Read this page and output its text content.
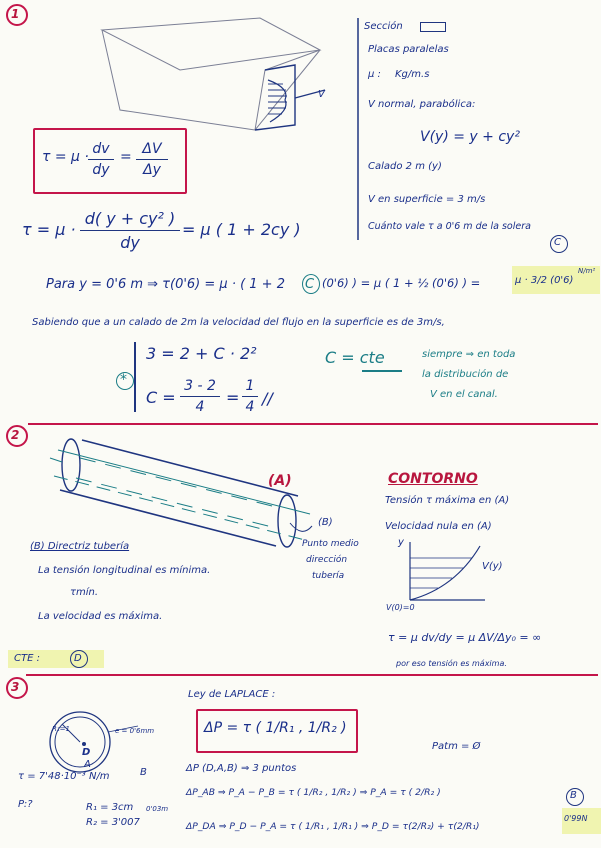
1
V
Sección
Placas paralelas
μ : Kg/m.s
V normal, parabólica:
V(y) = y + cy²
Calado 2 m (y)
V en superficie = 3 m/s
Cuánto vale τ a 0'6 m de la solera
τ = μ · dv
dy
= ΔV
Δy
τ = μ ·
d( y + cy² )
dy
= μ ( 1 + 2cy )
C
Para y = 0'6 m ⇒ τ(0'6) = μ · ( 1 + 2 C (0'6) ) = μ ( 1 + ½ (0'6) ) =	μ · 3/2 (0'6)
N/m²
Sabiendo que a un calado de 2m la velocidad del flujo en la superficie es de 3m/s,
*
3 = 2 + C · 2²
C =
3 - 2
4	=
1
4 //
C = cte	siempre ⇒ en toda
la distribución de
V en el canal.
2
(A)
(B)
Punto medio
dirección
tubería
(B) Directriz tubería
La tensión longitudinal es mínima.
τmín.
La velocidad es máxima.
CONTORNO
Tensión τ máxima en (A)
Velocidad nula en (A)
y
V(y)
V(0)=0
τ = μ dv/dy = μ ΔV/Δy₀ = ∞
por eso tensión es máxima.
CTE :	D
3
Ley de LAPLACE :
ΔP = τ ( 1/R₁ , 1/R₂ )
R₁=1	e = 0'6mm
D
A
B
τ = 7'48·10⁻³ N/m
P:?	R₁ = 3cm 0'03m
R₂ = 3'007
Patm = Ø
ΔP (D,A,B) ⇒ 3 puntos
ΔP_AB ⇒ P_A − P_B = τ ( 1/R₂ , 1/R₂ ) ⇒ P_A = τ ( 2/R₂ )
ΔP_DA ⇒ P_D − P_A = τ ( 1/R₁ , 1/R₁ ) ⇒ P_D = τ(2/R₂) + τ(2/R₁)
B
0'99N
